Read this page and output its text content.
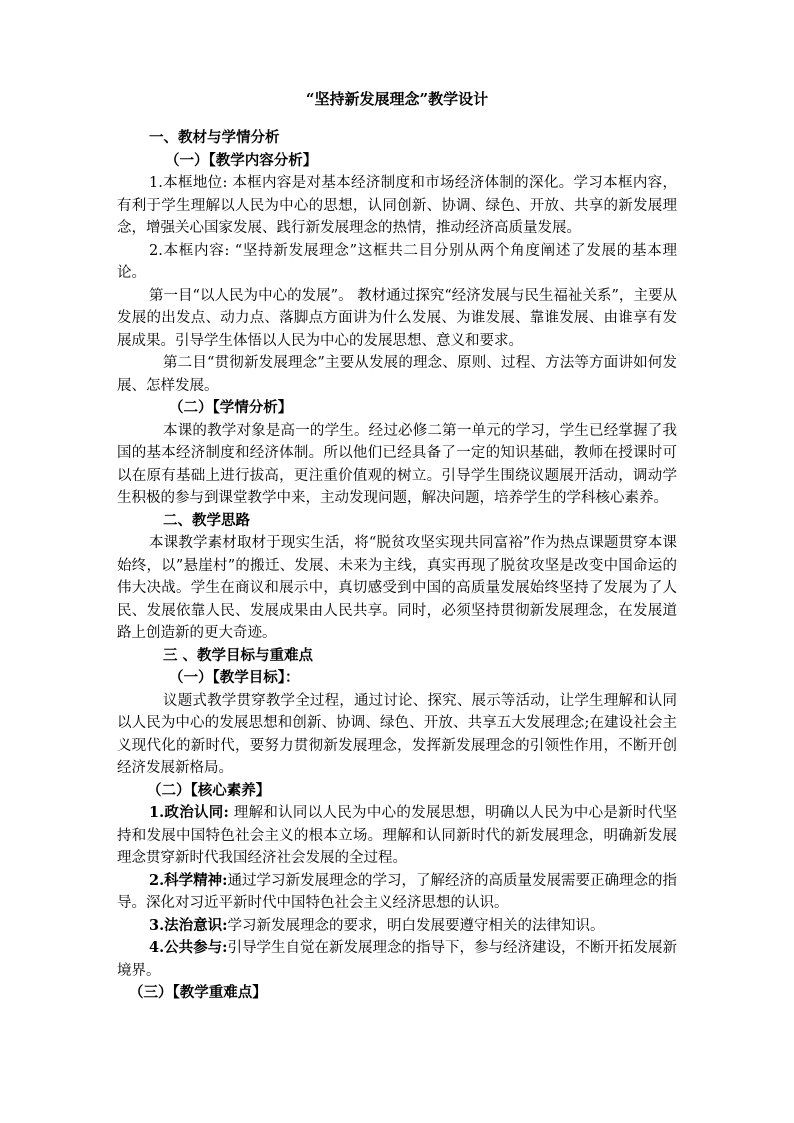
“坚持新发展理念”教学设计

一、教材与学情分析

（一）【教学内容分析】

1.本框地位: 本框内容是对基本经济制度和市场经济体制的深化。学习本框内容，有利于学生理解以人民为中心的思想，认同创新、协调、绿色、开放、共享的新发展理念，增强关心国家发展、践行新发展理念的热情，推动经济高质量发展。

2.本框内容: “坚持新发展理念”这框共二目分别从两个角度阐述了发展的基本理论。

第一目“以人民为中心的发展”。 教材通过探究“经济发展与民生福祉关系”，主要从发展的出发点、动力点、落脚点方面讲为什么发展、为谁发展、靠谁发展、由谁享有发展成果。引导学生体悟以人民为中心的发展思想、意义和要求。

第二目“贯彻新发展理念”主要从发展的理念、原则、过程、方法等方面讲如何发展、怎样发展。

（二）【学情分析】

本课的教学对象是高一的学生。经过必修二第一单元的学习，学生已经掌握了我国的基本经济制度和经济体制。所以他们已经具备了一定的知识基础，教师在授课时可以在原有基础上进行拔高，更注重价值观的树立。引导学生围绕议题展开活动，调动学生积极的参与到课堂教学中来，主动发现问题，解决问题，培养学生的学科核心素养。

二、教学思路

本课教学素材取材于现实生活，将“脱贫攻坚实现共同富裕”作为热点课题贯穿本课始终，以”悬崖村”的搬迁、发展、未来为主线，真实再现了脱贫攻坚是改变中国命运的伟大决战。学生在商议和展示中，真切感受到中国的高质量发展始终坚持了发展为了人民、发展依靠人民、发展成果由人民共享。同时，必须坚持贯彻新发展理念，在发展道路上创造新的更大奇迹。

三 、教学目标与重难点

（一）【教学目标】：

议题式教学贯穿教学全过程，通过讨论、探究、展示等活动，让学生理解和认同以人民为中心的发展思想和创新、协调、绿色、开放、共享五大发展理念;在建设社会主义现代化的新时代，要努力贯彻新发展理念，发挥新发展理念的引领性作用，不断开创经济发展新格局。

（二）【核心素养】

1.政治认同: 理解和认同以人民为中心的发展思想，明确以人民为中心是新时代坚持和发展中国特色社会主义的根本立场。理解和认同新时代的新发展理念，明确新发展理念贯穿新时代我国经济社会发展的全过程。

2.科学精神:通过学习新发展理念的学习，了解经济的高质量发展需要正确理念的指导。深化对习近平新时代中国特色社会主义经济思想的认识。

3.法治意识:学习新发展理念的要求，明白发展要遵守相关的法律知识。

4.公共参与:引导学生自觉在新发展理念的指导下，参与经济建设，不断开拓发展新境界。

（三）【教学重难点】
